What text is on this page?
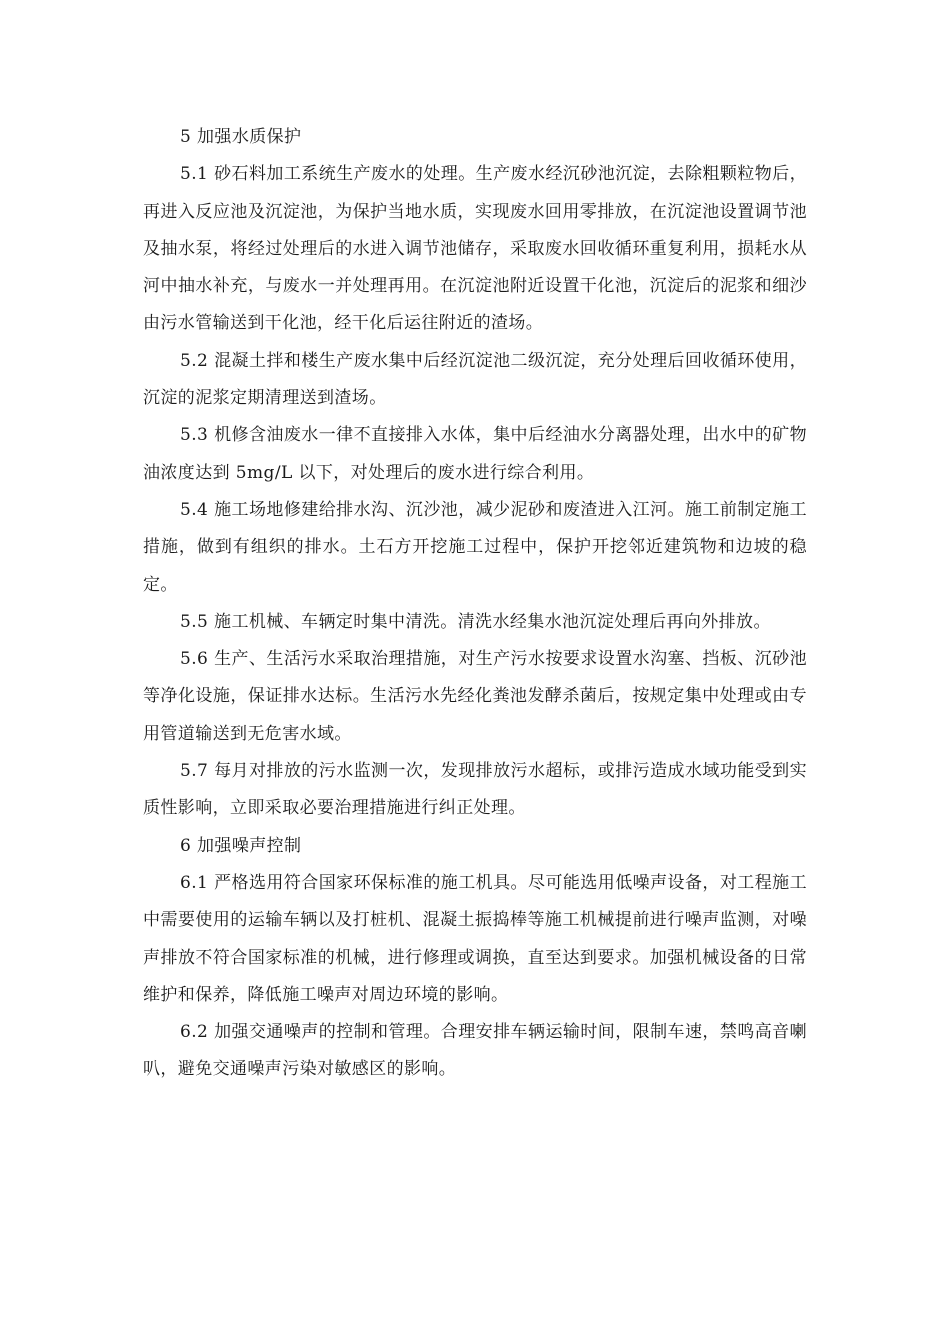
5 加强水质保护

5.1 砂石料加工系统生产废水的处理。生产废水经沉砂池沉淀，去除粗颗粒物后，再进入反应池及沉淀池，为保护当地水质，实现废水回用零排放，在沉淀池设置调节池及抽水泵，将经过处理后的水进入调节池储存，采取废水回收循环重复利用，损耗水从河中抽水补充，与废水一并处理再用。在沉淀池附近设置干化池，沉淀后的泥浆和细沙由污水管输送到干化池，经干化后运往附近的渣场。

5.2 混凝土拌和楼生产废水集中后经沉淀池二级沉淀，充分处理后回收循环使用，沉淀的泥浆定期清理送到渣场。

5.3 机修含油废水一律不直接排入水体，集中后经油水分离器处理，出水中的矿物油浓度达到 5mg/L 以下，对处理后的废水进行综合利用。

5.4 施工场地修建给排水沟、沉沙池，减少泥砂和废渣进入江河。施工前制定施工措施，做到有组织的排水。土石方开挖施工过程中，保护开挖邻近建筑物和边坡的稳定。

5.5 施工机械、车辆定时集中清洗。清洗水经集水池沉淀处理后再向外排放。

5.6 生产、生活污水采取治理措施，对生产污水按要求设置水沟塞、挡板、沉砂池等净化设施，保证排水达标。生活污水先经化粪池发酵杀菌后，按规定集中处理或由专用管道输送到无危害水域。

5.7 每月对排放的污水监测一次，发现排放污水超标，或排污造成水域功能受到实质性影响，立即采取必要治理措施进行纠正处理。

6 加强噪声控制

6.1 严格选用符合国家环保标准的施工机具。尽可能选用低噪声设备，对工程施工中需要使用的运输车辆以及打桩机、混凝土振捣棒等施工机械提前进行噪声监测，对噪声排放不符合国家标准的机械，进行修理或调换，直至达到要求。加强机械设备的日常维护和保养，降低施工噪声对周边环境的影响。

6.2 加强交通噪声的控制和管理。合理安排车辆运输时间，限制车速，禁鸣高音喇叭，避免交通噪声污染对敏感区的影响。
